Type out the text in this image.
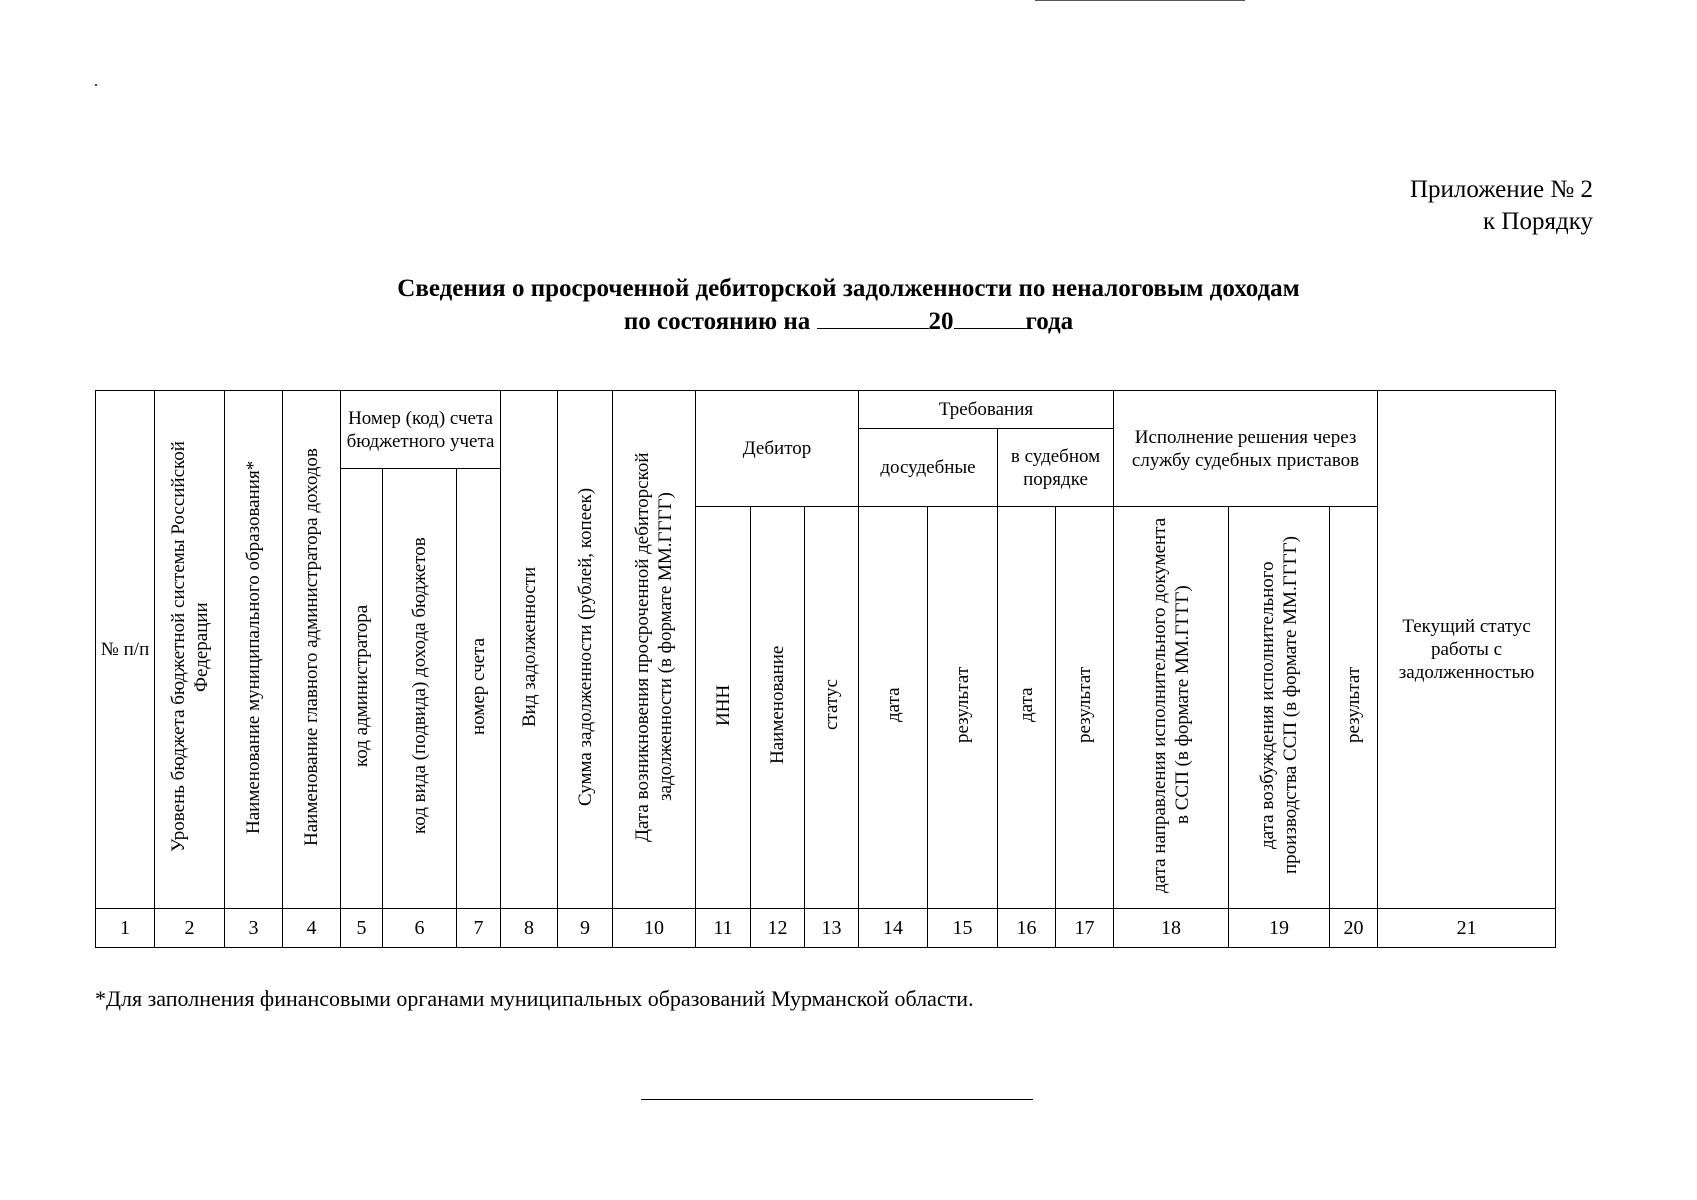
Приложение № 2
к Порядку
Сведения о просроченной дебиторской задолженности по неналоговым доходам
по состоянию на	20	года
№ п/п	Уровень бюджета бюджетной системы Российской Федерации	Наименование муниципального образования*	Наименование главного администратора доходов	Номер (код) счета бюджетного учета			Вид задолженности	Сумма задолженности (рублей, копеек)	Дата возникновения просроченной дебиторской задолженности (в формате ММ.ГГГГ)	Дебитор			Требования				Исполнение решения через службу судебных приставов			Текущий статус работы с задолженностью
													досудебные		в судебном порядке					
				код администратора	код вида (подвида) дохода бюджетов	номер счета														
										ИНН	Наименование	статус	дата	результат	дата	результат	дата направления исполнительного документа в ССП (в формате ММ.ГГГГ)	дата возбуждения исполнительного производства ССП (в формате ММ.ГГГГ)	результат	
1	2	3	4	5	6	7	8	9	10	11	12	13	14	15	16	17	18	19	20	21
*Для заполнения финансовыми органами муниципальных образований Мурманской области.
